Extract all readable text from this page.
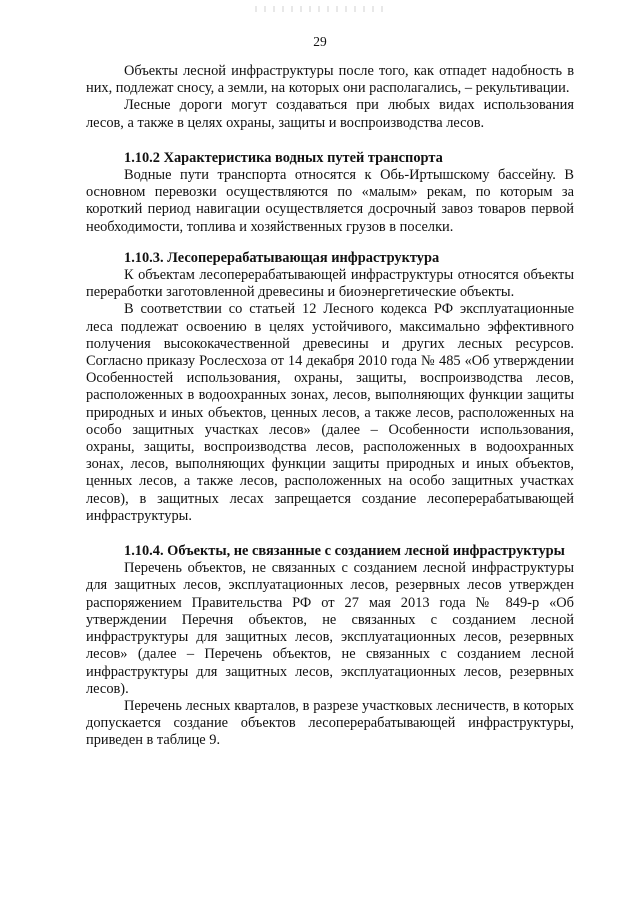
29

Объекты лесной инфраструктуры после того, как отпадет надобность в них, подлежат сносу, а земли, на которых они располагались, – рекультивации.

Лесные дороги могут создаваться при любых видах использования лесов, а также в целях охраны, защиты и воспроизводства лесов.

1.10.2 Характеристика водных путей транспорта

Водные пути транспорта относятся к Обь-Иртышскому бассейну. В основном перевозки осуществляются по «малым» рекам, по которым за короткий период навигации осуществляется досрочный завоз товаров первой необходимости, топлива и хозяйственных грузов в поселки.

1.10.3. Лесоперерабатывающая инфраструктура

К объектам лесоперерабатывающей инфраструктуры относятся объекты переработки заготовленной древесины и биоэнергетические объекты.

В соответствии со статьей 12 Лесного кодекса РФ эксплуатационные леса подлежат освоению в целях устойчивого, максимально эффективного получения высококачественной древесины и других лесных ресурсов. Согласно приказу Рослесхоза от 14 декабря 2010 года № 485 «Об утверждении Особенностей использования, охраны, защиты, воспроизводства лесов, расположенных в водоохранных зонах, лесов, выполняющих функции защиты природных и иных объектов, ценных лесов, а также лесов, расположенных на особо защитных участках лесов» (далее – Особенности использования, охраны, защиты, воспроизводства лесов, расположенных в водоохранных зонах, лесов, выполняющих функции защиты природных и иных объектов, ценных лесов, а также лесов, расположенных на особо защитных участках лесов), в защитных лесах запрещается создание лесоперерабатывающей инфраструктуры.

1.10.4. Объекты, не связанные с созданием лесной инфраструктуры

Перечень объектов, не связанных с созданием лесной инфраструктуры для защитных лесов, эксплуатационных лесов, резервных лесов утвержден распоряжением Правительства РФ от 27 мая 2013 года № 849-р «Об утверждении Перечня объектов, не связанных с созданием лесной инфраструктуры для защитных лесов, эксплуатационных лесов, резервных лесов» (далее – Перечень объектов, не связанных с созданием лесной инфраструктуры для защитных лесов, эксплуатационных лесов, резервных лесов).

Перечень лесных кварталов, в разрезе участковых лесничеств, в которых допускается создание объектов лесоперерабатывающей инфраструктуры, приведен в таблице 9.
